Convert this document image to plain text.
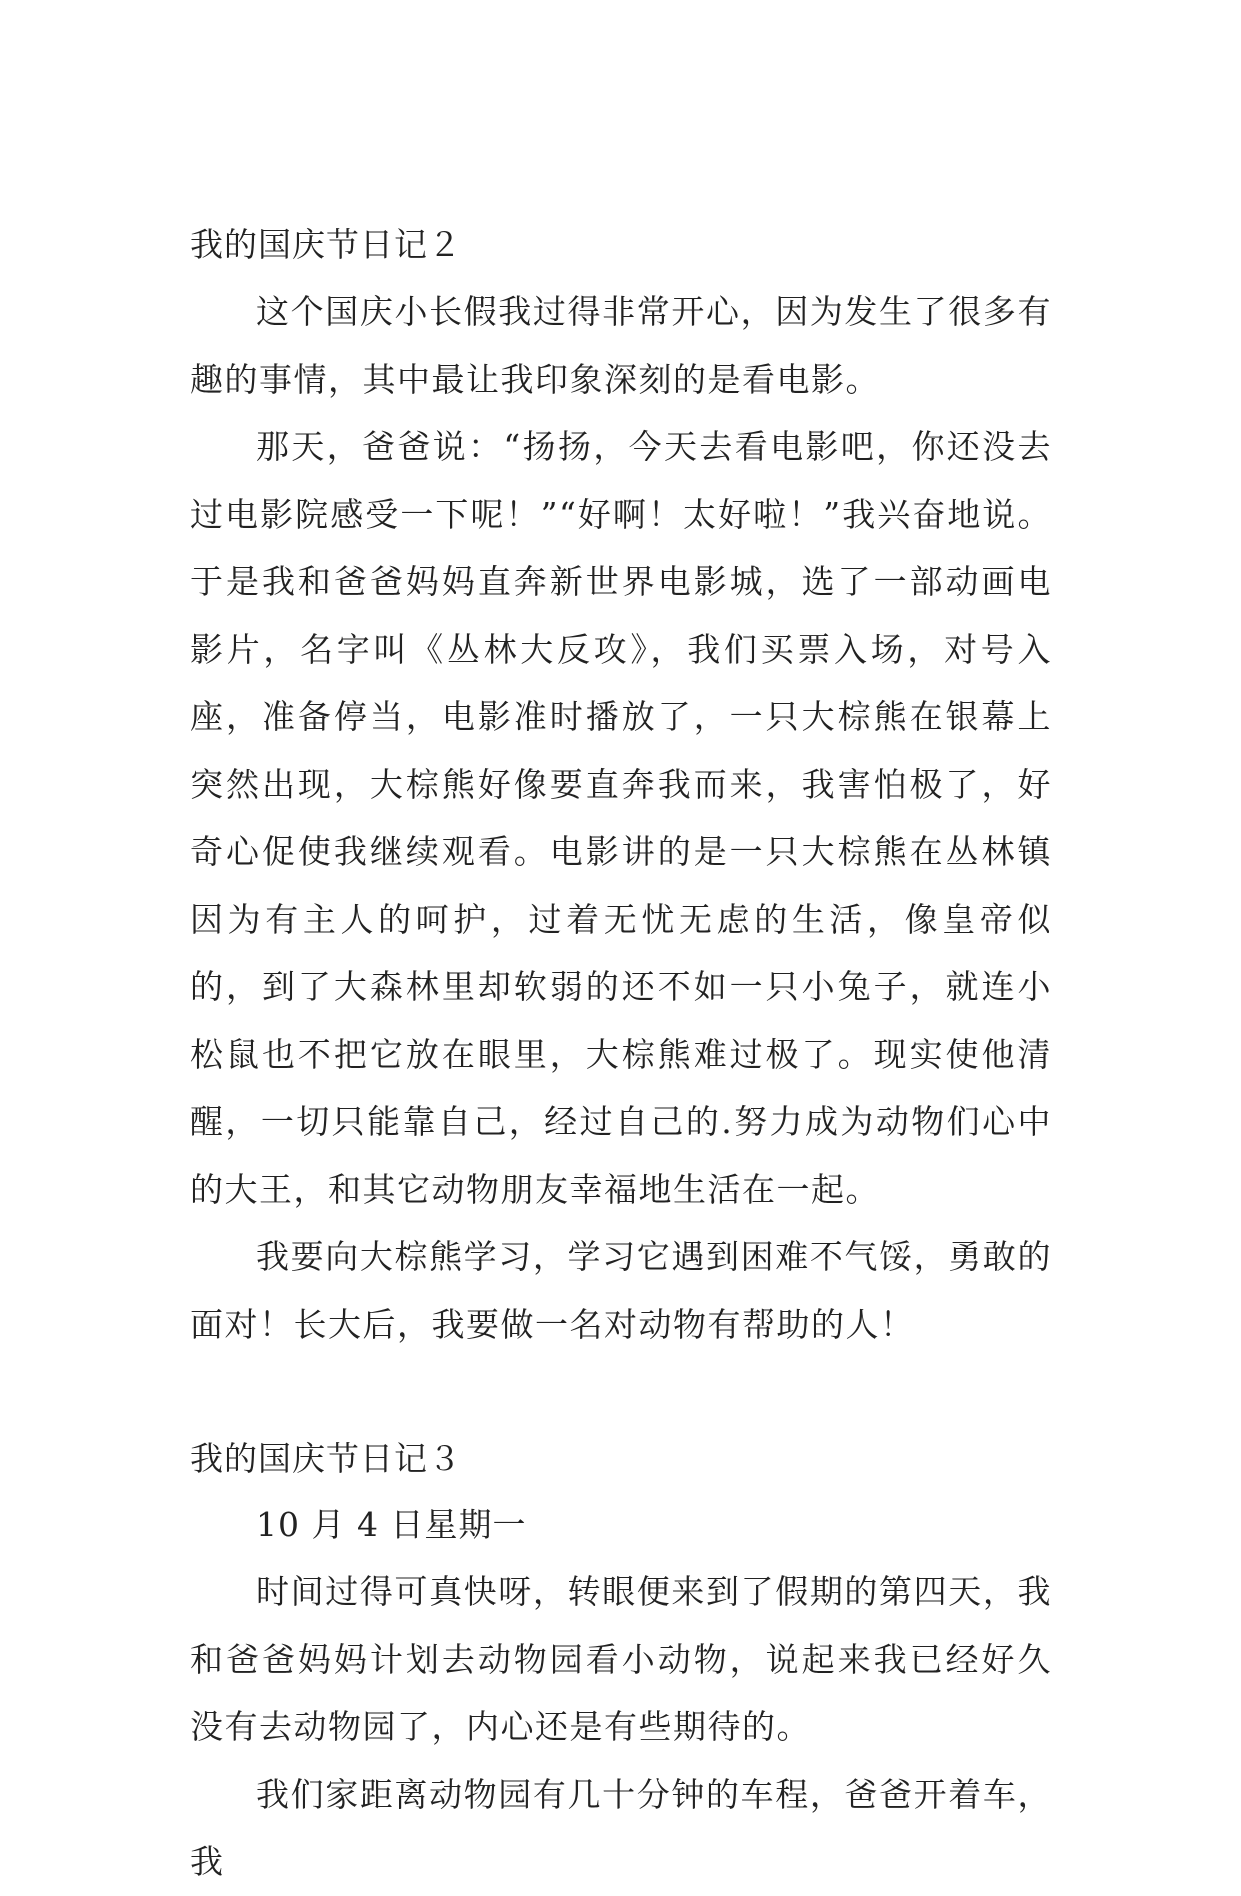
我的国庆节日记２

这个国庆小长假我过得非常开心，因为发生了很多有趣的事情，其中最让我印象深刻的是看电影。

那天，爸爸说：“扬扬，今天去看电影吧，你还没去过电影院感受一下呢！”“好啊！太好啦！”我兴奋地说。于是我和爸爸妈妈直奔新世界电影城，选了一部动画电影片，名字叫《丛林大反攻》，我们买票入场，对号入座，准备停当，电影准时播放了，一只大棕熊在银幕上突然出现，大棕熊好像要直奔我而来，我害怕极了，好奇心促使我继续观看。电影讲的是一只大棕熊在丛林镇因为有主人的呵护，过着无忧无虑的生活，像皇帝似的，到了大森林里却软弱的还不如一只小兔子，就连小松鼠也不把它放在眼里，大棕熊难过极了。现实使他清醒，一切只能靠自己，经过自己的.努力成为动物们心中的大王，和其它动物朋友幸福地生活在一起。

我要向大棕熊学习，学习它遇到困难不气馁，勇敢的面对！长大后，我要做一名对动物有帮助的人！

我的国庆节日记３

10 月 4 日星期一

时间过得可真快呀，转眼便来到了假期的第四天，我和爸爸妈妈计划去动物园看小动物，说起来我已经好久没有去动物园了，内心还是有些期待的。

我们家距离动物园有几十分钟的车程，爸爸开着车，我
